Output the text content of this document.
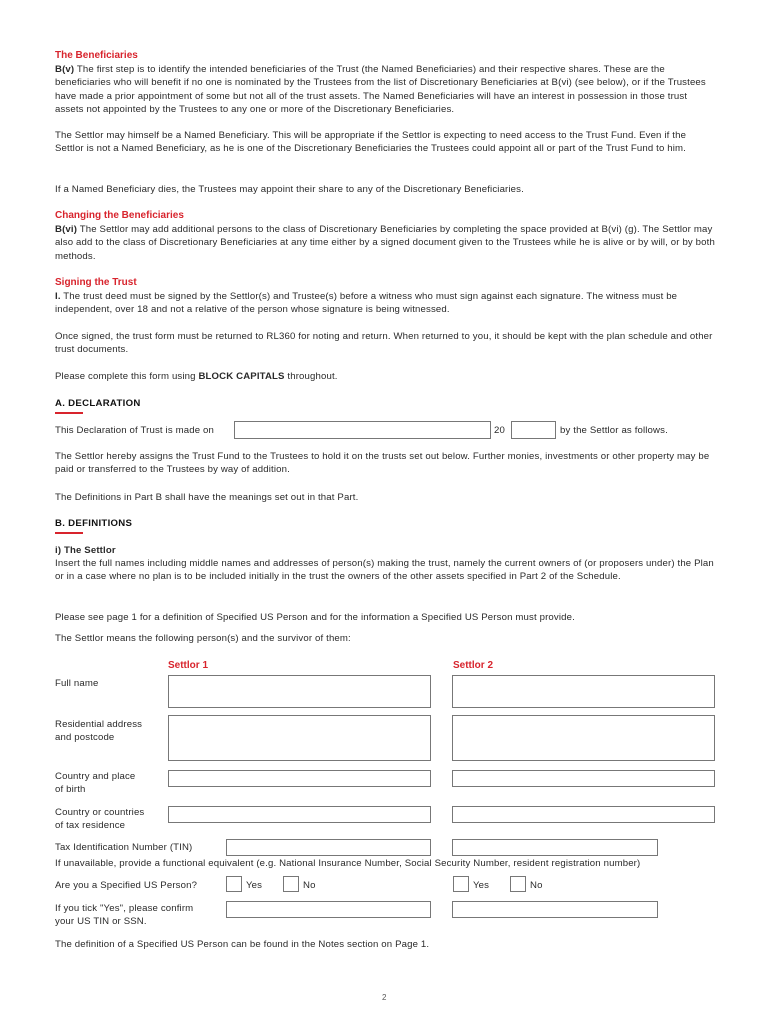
The Beneficiaries
B(v) The first step is to identify the intended beneficiaries of the Trust (the Named Beneficiaries) and their respective shares. These are the beneficiaries who will benefit if no one is nominated by the Trustees from the list of Discretionary Beneficiaries at B(vi) (see below), or if the Trustees have made a prior appointment of some but not all of the trust assets. The Named Beneficiaries will have an interest in possession in those trust assets not appointed by the Trustees to any one or more of the Discretionary Beneficiaries.
The Settlor may himself be a Named Beneficiary. This will be appropriate if the Settlor is expecting to need access to the Trust Fund. Even if the Settlor is not a Named Beneficiary, as he is one of the Discretionary Beneficiaries the Trustees could appoint all or part of the Trust Fund to him.
If a Named Beneficiary dies, the Trustees may appoint their share to any of the Discretionary Beneficiaries.
Changing the Beneficiaries
B(vi) The Settlor may add additional persons to the class of Discretionary Beneficiaries by completing the space provided at B(vi) (g). The Settlor may also add to the class of Discretionary Beneficiaries at any time either by a signed document given to the Trustees while he is alive or by will, or by both methods.
Signing the Trust
I. The trust deed must be signed by the Settlor(s) and Trustee(s) before a witness who must sign against each signature. The witness must be independent, over 18 and not a relative of the person whose signature is being witnessed.
Once signed, the trust form must be returned to RL360 for noting and return. When returned to you, it should be kept with the plan schedule and other trust documents.
Please complete this form using BLOCK CAPITALS throughout.
A. DECLARATION
This Declaration of Trust is made on	20	by the Settlor as follows.
The Settlor hereby assigns the Trust Fund to the Trustees to hold it on the trusts set out below. Further monies, investments or other property may be paid or transferred to the Trustees by way of addition.
The Definitions in Part B shall have the meanings set out in that Part.
B. DEFINITIONS
i) The Settlor
Insert the full names including middle names and addresses of person(s) making the trust, namely the current owners of (or proposers under) the Plan or in a case where no plan is to be included initially in the trust the owners of the other assets specified in Part 2 of the Schedule.
Please see page 1 for a definition of Specified US Person and for the information a Specified US Person must provide.
The Settlor means the following person(s) and the survivor of them:
Settlor 1	Settlor 2
Full name
Residential address
and postcode
Country and place
of birth
Country or countries
of tax residence
Tax Identification Number (TIN)
If unavailable, provide a functional equivalent (e.g. National Insurance Number, Social Security Number, resident registration number)
Are you a Specified US Person?	Yes	No	Yes	No
If you tick "Yes", please confirm
your US TIN or SSN.
The definition of a Specified US Person can be found in the Notes section on Page 1.
2
